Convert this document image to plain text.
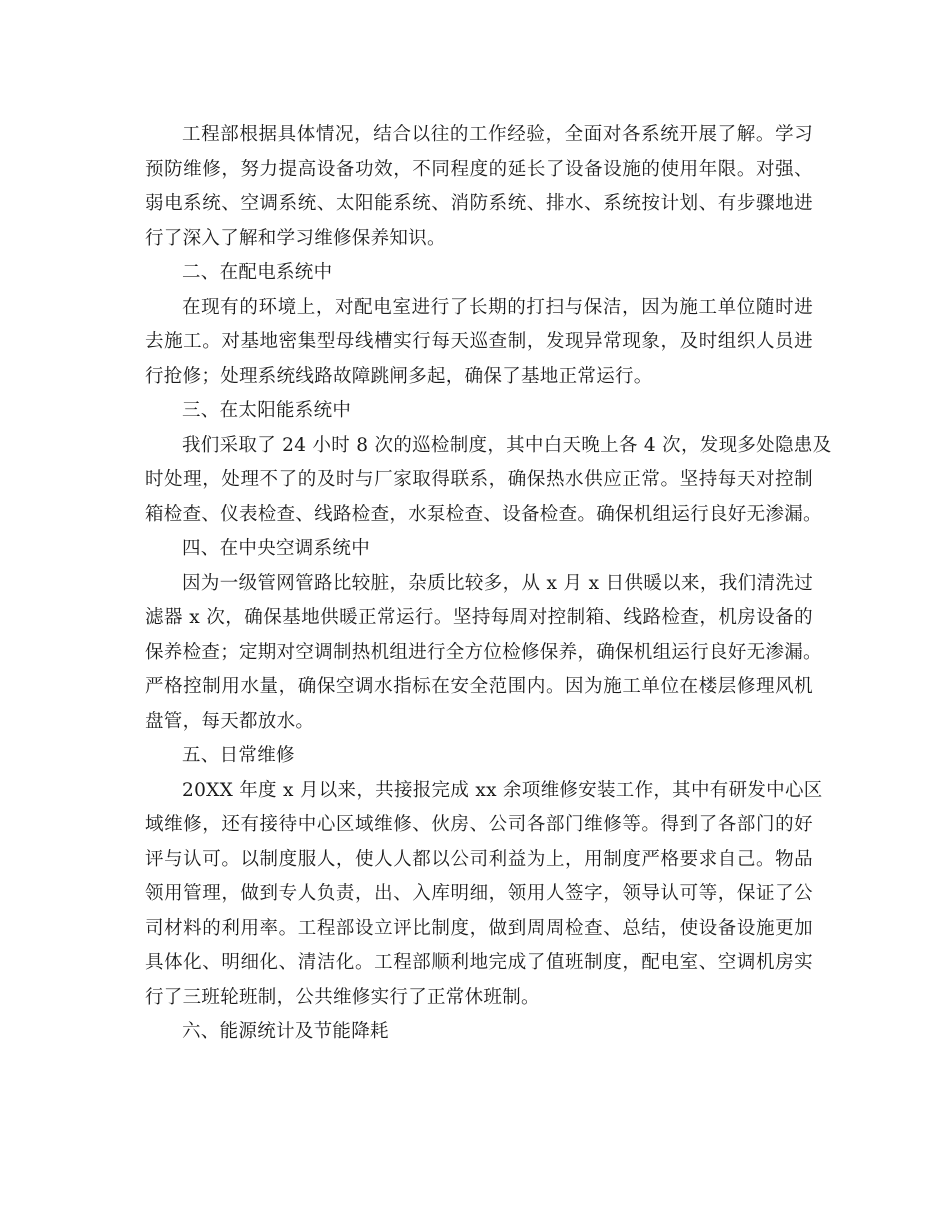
工程部根据具体情况，结合以往的工作经验，全面对各系统开展了解。学习
预防维修，努力提高设备功效，不同程度的延长了设备设施的使用年限。对强、
弱电系统、空调系统、太阳能系统、消防系统、排水、系统按计划、有步骤地进
行了深入了解和学习维修保养知识。

二、在配电系统中

在现有的环境上，对配电室进行了长期的打扫与保洁，因为施工单位随时进
去施工。对基地密集型母线槽实行每天巡查制，发现异常现象，及时组织人员进
行抢修；处理系统线路故障跳闸多起，确保了基地正常运行。

三、在太阳能系统中

我们采取了 24 小时 8 次的巡检制度，其中白天晚上各 4 次，发现多处隐患及
时处理，处理不了的及时与厂家取得联系，确保热水供应正常。坚持每天对控制
箱检查、仪表检查、线路检查，水泵检查、设备检查。确保机组运行良好无渗漏。

四、在中央空调系统中

因为一级管网管路比较脏，杂质比较多，从 x 月 x 日供暖以来，我们清洗过
滤器 x 次，确保基地供暖正常运行。坚持每周对控制箱、线路检查，机房设备的
保养检查；定期对空调制热机组进行全方位检修保养，确保机组运行良好无渗漏。
严格控制用水量，确保空调水指标在安全范围内。因为施工单位在楼层修理风机
盘管，每天都放水。

五、日常维修

20XX 年度 x 月以来，共接报完成 xx 余项维修安装工作，其中有研发中心区
域维修，还有接待中心区域维修、伙房、公司各部门维修等。得到了各部门的好
评与认可。以制度服人，使人人都以公司利益为上，用制度严格要求自己。物品
领用管理，做到专人负责，出、入库明细，领用人签字，领导认可等，保证了公
司材料的利用率。工程部设立评比制度，做到周周检查、总结，使设备设施更加
具体化、明细化、清洁化。工程部顺利地完成了值班制度，配电室、空调机房实
行了三班轮班制，公共维修实行了正常休班制。

六、能源统计及节能降耗
